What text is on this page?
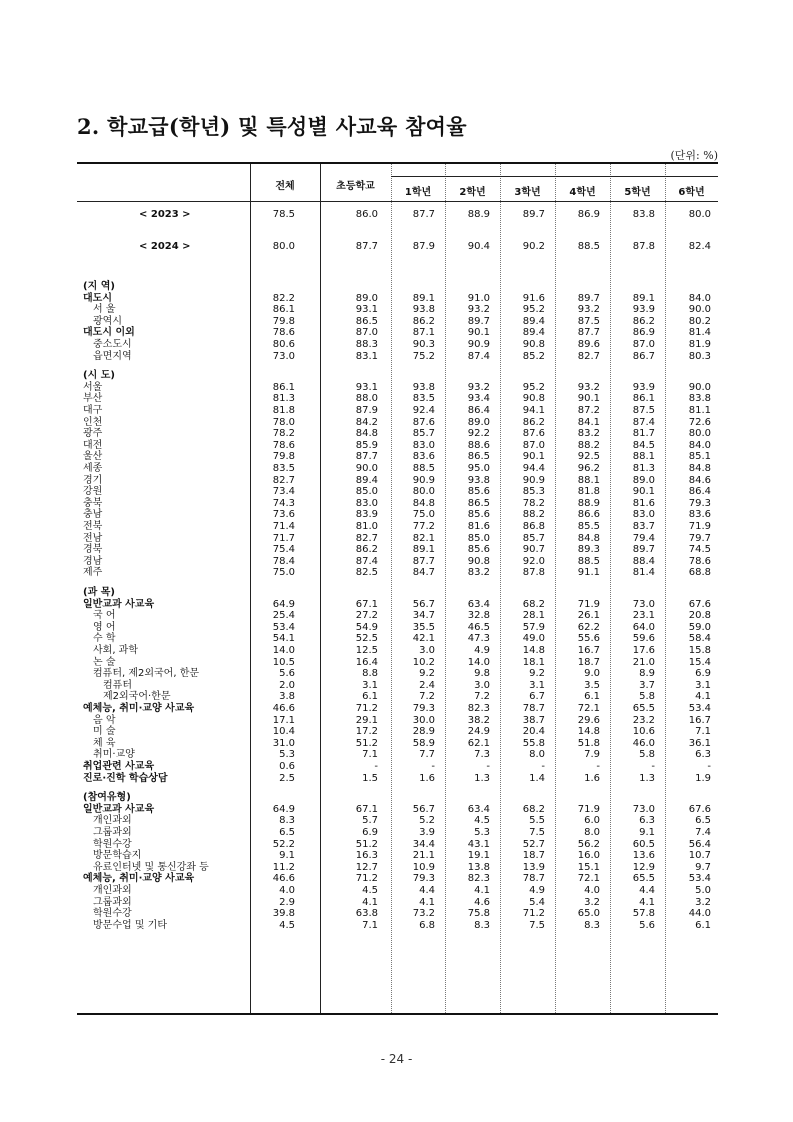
2. 학교급(학년) 및 특성별 사교육 참여율
(단위: %)
전체	초등학교
1학년	2학년	3학년	4학년	5학년	6학년
< 2023 >	78.5	86.0	87.7	88.9	89.7	86.9	83.8	80.0
< 2024 >	80.0	87.7	87.9	90.4	90.2	88.5	87.8	82.4
(지 역)
대도시	82.2	89.0	89.1	91.0	91.6	89.7	89.1	84.0
서 울	86.1	93.1	93.8	93.2	95.2	93.2	93.9	90.0
광역시	79.8	86.5	86.2	89.7	89.4	87.5	86.2	80.2
대도시 이외	78.6	87.0	87.1	90.1	89.4	87.7	86.9	81.4
중소도시	80.6	88.3	90.3	90.9	90.8	89.6	87.0	81.9
읍면지역	73.0	83.1	75.2	87.4	85.2	82.7	86.7	80.3
(시 도)
서울	86.1	93.1	93.8	93.2	95.2	93.2	93.9	90.0
부산	81.3	88.0	83.5	93.4	90.8	90.1	86.1	83.8
대구	81.8	87.9	92.4	86.4	94.1	87.2	87.5	81.1
인천	78.0	84.2	87.6	89.0	86.2	84.1	87.4	72.6
광주	78.2	84.8	85.7	92.2	87.6	83.2	81.7	80.0
대전	78.6	85.9	83.0	88.6	87.0	88.2	84.5	84.0
울산	79.8	87.7	83.6	86.5	90.1	92.5	88.1	85.1
세종	83.5	90.0	88.5	95.0	94.4	96.2	81.3	84.8
경기	82.7	89.4	90.9	93.8	90.9	88.1	89.0	84.6
강원	73.4	85.0	80.0	85.6	85.3	81.8	90.1	86.4
충북	74.3	83.0	84.8	86.5	78.2	88.9	81.6	79.3
충남	73.6	83.9	75.0	85.6	88.2	86.6	83.0	83.6
전북	71.4	81.0	77.2	81.6	86.8	85.5	83.7	71.9
전남	71.7	82.7	82.1	85.0	85.7	84.8	79.4	79.7
경북	75.4	86.2	89.1	85.6	90.7	89.3	89.7	74.5
경남	78.4	87.4	87.7	90.8	92.0	88.5	88.4	78.6
제주	75.0	82.5	84.7	83.2	87.8	91.1	81.4	68.8
(과 목)
일반교과 사교육	64.9	67.1	56.7	63.4	68.2	71.9	73.0	67.6
국 어	25.4	27.2	34.7	32.8	28.1	26.1	23.1	20.8
영 어	53.4	54.9	35.5	46.5	57.9	62.2	64.0	59.0
수 학	54.1	52.5	42.1	47.3	49.0	55.6	59.6	58.4
사회, 과학	14.0	12.5	3.0	4.9	14.8	16.7	17.6	15.8
논 술	10.5	16.4	10.2	14.0	18.1	18.7	21.0	15.4
컴퓨터, 제2외국어, 한문	5.6	8.8	9.2	9.8	9.2	9.0	8.9	6.9
컴퓨터	2.0	3.1	2.4	3.0	3.1	3.5	3.7	3.1
제2외국어·한문	3.8	6.1	7.2	7.2	6.7	6.1	5.8	4.1
예체능, 취미·교양 사교육	46.6	71.2	79.3	82.3	78.7	72.1	65.5	53.4
음 악	17.1	29.1	30.0	38.2	38.7	29.6	23.2	16.7
미 술	10.4	17.2	28.9	24.9	20.4	14.8	10.6	7.1
체 육	31.0	51.2	58.9	62.1	55.8	51.8	46.0	36.1
취미·교양	5.3	7.1	7.7	7.3	8.0	7.9	5.8	6.3
취업관련 사교육	0.6	-	-	-	-	-	-	-
진로·진학 학습상담	2.5	1.5	1.6	1.3	1.4	1.6	1.3	1.9
(참여유형)
일반교과 사교육	64.9	67.1	56.7	63.4	68.2	71.9	73.0	67.6
개인과외	8.3	5.7	5.2	4.5	5.5	6.0	6.3	6.5
그룹과외	6.5	6.9	3.9	5.3	7.5	8.0	9.1	7.4
학원수강	52.2	51.2	34.4	43.1	52.7	56.2	60.5	56.4
방문학습지	9.1	16.3	21.1	19.1	18.7	16.0	13.6	10.7
유료인터넷 및 통신강좌 등	11.2	12.7	10.9	13.8	13.9	15.1	12.9	9.7
예체능, 취미·교양 사교육	46.6	71.2	79.3	82.3	78.7	72.1	65.5	53.4
개인과외	4.0	4.5	4.4	4.1	4.9	4.0	4.4	5.0
그룹과외	2.9	4.1	4.1	4.6	5.4	3.2	4.1	3.2
학원수강	39.8	63.8	73.2	75.8	71.2	65.0	57.8	44.0
방문수업 및 기타	4.5	7.1	6.8	8.3	7.5	8.3	5.6	6.1
- 24 -
